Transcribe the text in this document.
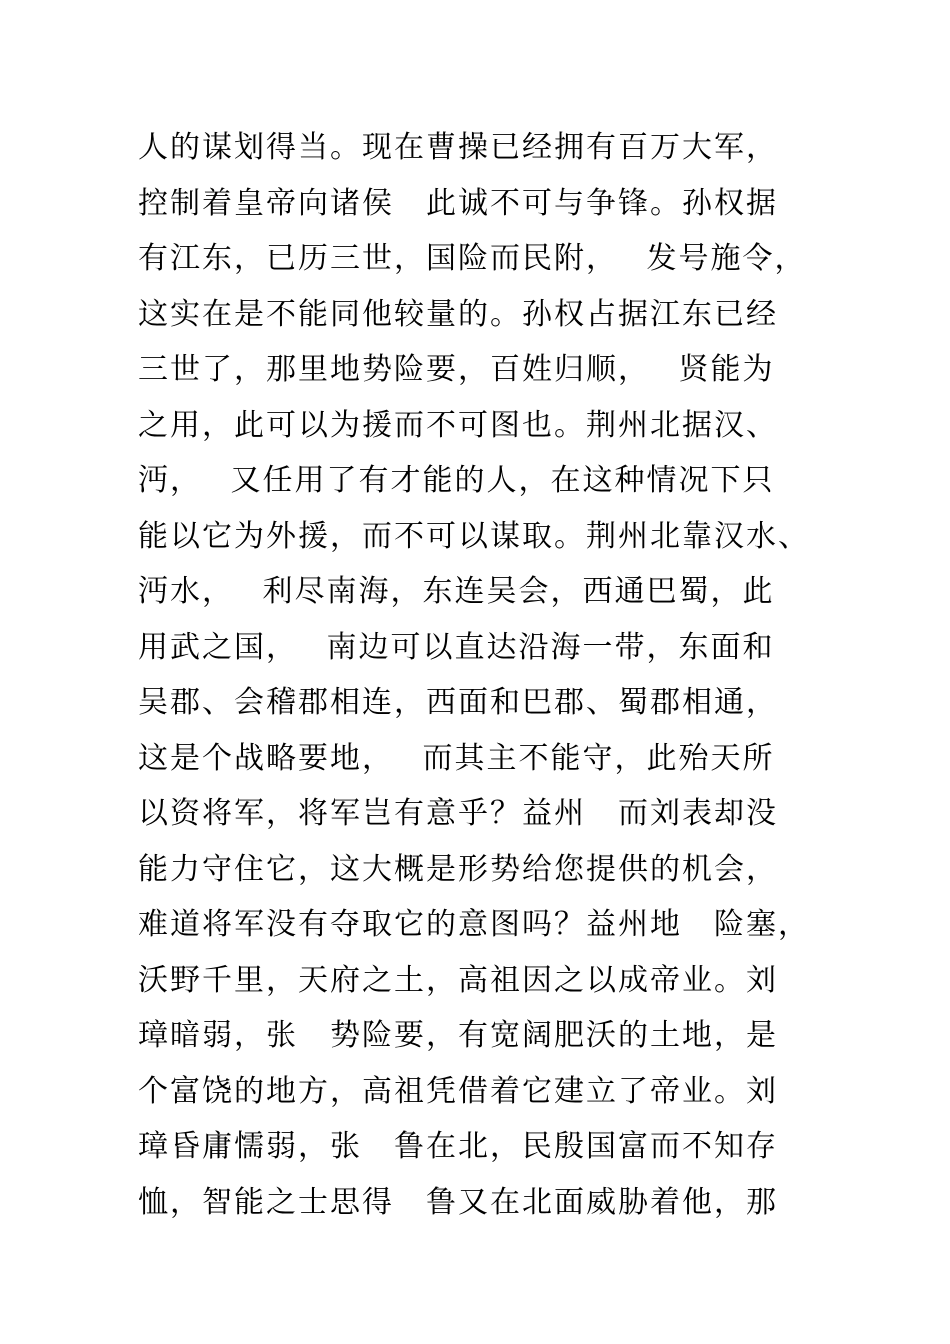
人的谋划得当。现在曹操已经拥有百万大军，
控制着皇帝向诸侯　此诚不可与争锋。孙权据
有江东，已历三世，国险而民附，　 发号施令，
这实在是不能同他较量的。孙权占据江东已经
三世了，那里地势险要，百姓归顺，　 贤能为
之用，此可以为援而不可图也。荆州北据汉、
沔，　 又任用了有才能的人，在这种情况下只
能以它为外援，而不可以谋取。荆州北靠汉水、
沔水，　 利尽南海，东连吴会，西通巴蜀，此
用武之国，　 南边可以直达沿海一带，东面和
吴郡、会稽郡相连，西面和巴郡、蜀郡相通，
这是个战略要地，　 而其主不能守，此殆天所
以资将军，将军岂有意乎？益州　而刘表却没
能力守住它，这大概是形势给您提供的机会，
难道将军没有夺取它的意图吗？益州地　险塞，
沃野千里，天府之土，高祖因之以成帝业。刘
璋暗弱，张　势险要，有宽阔肥沃的土地，是
个富饶的地方，高祖凭借着它建立了帝业。刘
璋昏庸懦弱，张　鲁在北，民殷国富而不知存
恤，智能之士思得　鲁又在北面威胁着他，那
